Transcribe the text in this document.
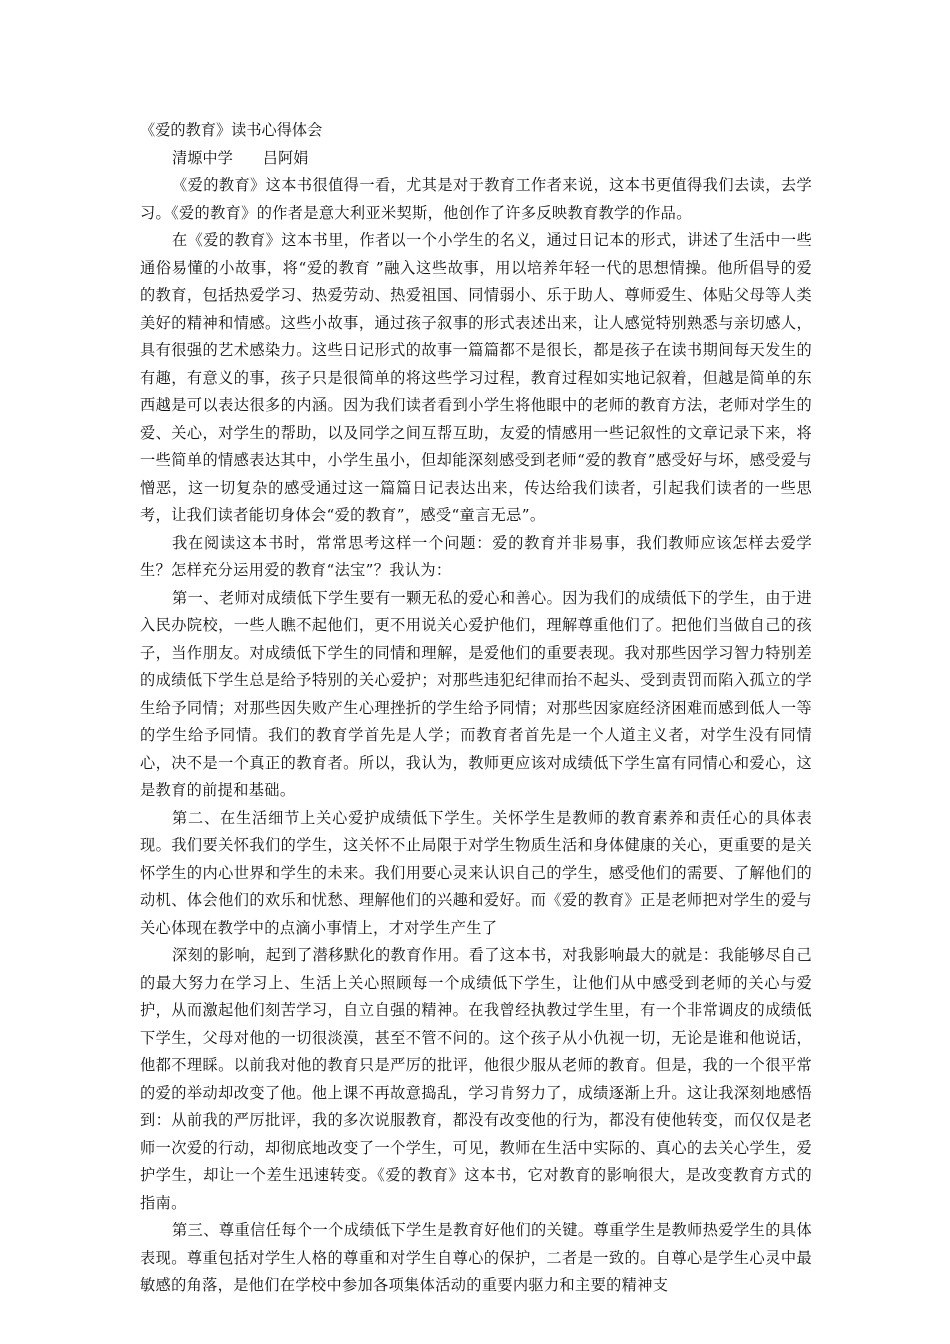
《爱的教育》读书心得体会

清塬中学 吕阿娟

《爱的教育》这本书很值得一看，尤其是对于教育工作者来说，这本书更值得我们去读，去学习。《爱的教育》的作者是意大利亚米契斯，他创作了许多反映教育教学的作品。

在《爱的教育》这本书里，作者以一个小学生的名义，通过日记本的形式，讲述了生活中一些通俗易懂的小故事，将“爱的教育 ”融入这些故事，用以培养年轻一代的思想情操。他所倡导的爱的教育，包括热爱学习、热爱劳动、热爱祖国、同情弱小、乐于助人、尊师爱生、体贴父母等人类美好的精神和情感。这些小故事，通过孩子叙事的形式表述出来，让人感觉特别熟悉与亲切感人，具有很强的艺术感染力。这些日记形式的故事一篇篇都不是很长，都是孩子在读书期间每天发生的有趣，有意义的事，孩子只是很简单的将这些学习过程，教育过程如实地记叙着，但越是简单的东西越是可以表达很多的内涵。因为我们读者看到小学生将他眼中的老师的教育方法，老师对学生的爱、关心，对学生的帮助，以及同学之间互帮互助，友爱的情感用一些记叙性的文章记录下来，将一些简单的情感表达其中，小学生虽小，但却能深刻感受到老师“爱的教育”感受好与坏，感受爱与憎恶，这一切复杂的感受通过这一篇篇日记表达出来，传达给我们读者，引起我们读者的一些思考，让我们读者能切身体会“爱的教育”，感受“童言无忌”。

我在阅读这本书时，常常思考这样一个问题：爱的教育并非易事，我们教师应该怎样去爱学生？怎样充分运用爱的教育“法宝”？我认为：

第一、老师对成绩低下学生要有一颗无私的爱心和善心。因为我们的成绩低下的学生，由于进入民办院校，一些人瞧不起他们，更不用说关心爱护他们，理解尊重他们了。把他们当做自己的孩子，当作朋友。对成绩低下学生的同情和理解，是爱他们的重要表现。我对那些因学习智力特别差的成绩低下学生总是给予特别的关心爱护；对那些违犯纪律而抬不起头、受到责罚而陷入孤立的学生给予同情；对那些因失败产生心理挫折的学生给予同情；对那些因家庭经济困难而感到低人一等的学生给予同情。我们的教育学首先是人学；而教育者首先是一个人道主义者，对学生没有同情心，决不是一个真正的教育者。所以，我认为，教师更应该对成绩低下学生富有同情心和爱心，这是教育的前提和基础。

第二、在生活细节上关心爱护成绩低下学生。关怀学生是教师的教育素养和责任心的具体表现。我们要关怀我们的学生，这关怀不止局限于对学生物质生活和身体健康的关心，更重要的是关怀学生的内心世界和学生的未来。我们用要心灵来认识自己的学生，感受他们的需要、了解他们的动机、体会他们的欢乐和忧愁、理解他们的兴趣和爱好。而《爱的教育》正是老师把对学生的爱与关心体现在教学中的点滴小事情上，才对学生产生了

深刻的影响，起到了潜移默化的教育作用。看了这本书，对我影响最大的就是：我能够尽自己的最大努力在学习上、生活上关心照顾每一个成绩低下学生，让他们从中感受到老师的关心与爱护，从而激起他们刻苦学习，自立自强的精神。在我曾经执教过学生里，有一个非常调皮的成绩低下学生，父母对他的一切很淡漠，甚至不管不问的。这个孩子从小仇视一切，无论是谁和他说话，他都不理睬。以前我对他的教育只是严厉的批评，他很少服从老师的教育。但是，我的一个很平常的爱的举动却改变了他。他上课不再故意捣乱，学习肯努力了，成绩逐渐上升。这让我深刻地感悟到：从前我的严厉批评，我的多次说服教育，都没有改变他的行为，都没有使他转变，而仅仅是老师一次爱的行动，却彻底地改变了一个学生，可见，教师在生活中实际的、真心的去关心学生，爱护学生，却让一个差生迅速转变。《爱的教育》这本书，它对教育的影响很大，是改变教育方式的指南。

第三、尊重信任每个一个成绩低下学生是教育好他们的关键。尊重学生是教师热爱学生的具体表现。尊重包括对学生人格的尊重和对学生自尊心的保护，二者是一致的。自尊心是学生心灵中最敏感的角落，是他们在学校中参加各项集体活动的重要内驱力和主要的精神支
